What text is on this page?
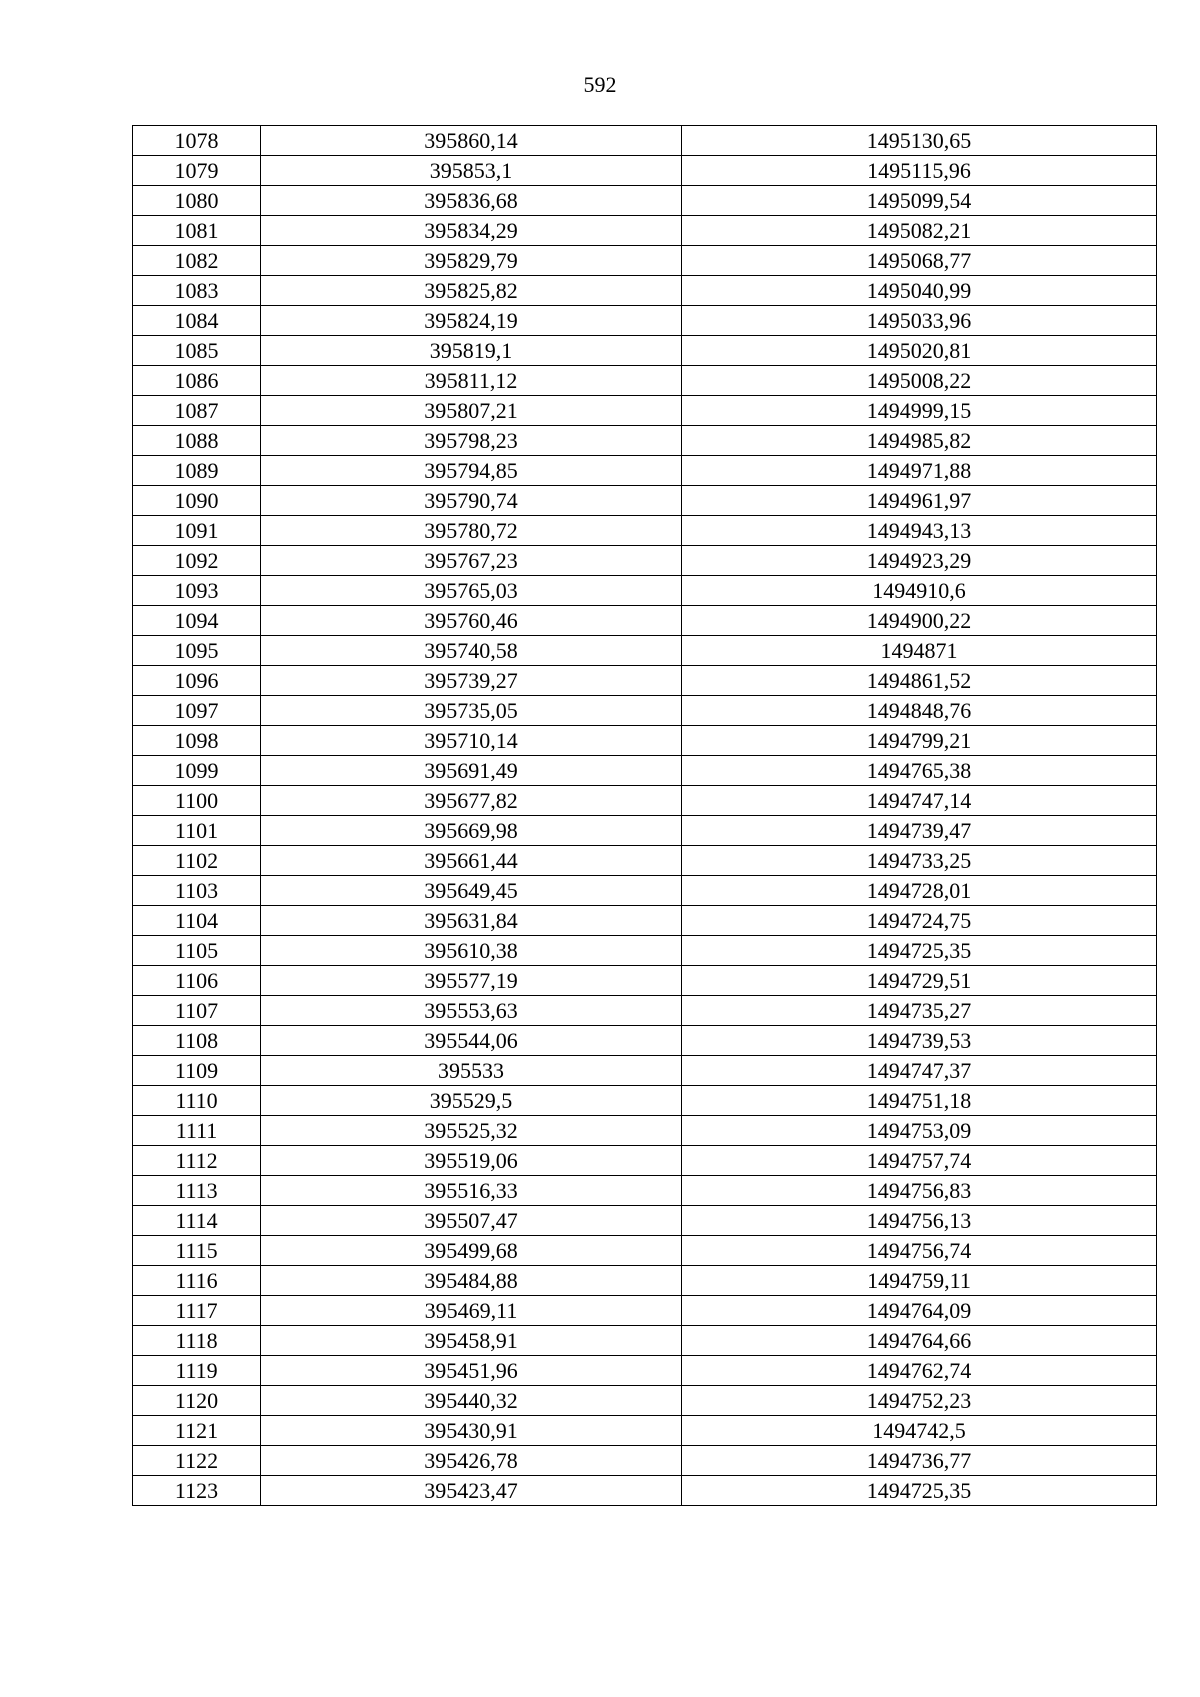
592
1078	395860,14	1495130,65
1079	395853,1	1495115,96
1080	395836,68	1495099,54
1081	395834,29	1495082,21
1082	395829,79	1495068,77
1083	395825,82	1495040,99
1084	395824,19	1495033,96
1085	395819,1	1495020,81
1086	395811,12	1495008,22
1087	395807,21	1494999,15
1088	395798,23	1494985,82
1089	395794,85	1494971,88
1090	395790,74	1494961,97
1091	395780,72	1494943,13
1092	395767,23	1494923,29
1093	395765,03	1494910,6
1094	395760,46	1494900,22
1095	395740,58	1494871
1096	395739,27	1494861,52
1097	395735,05	1494848,76
1098	395710,14	1494799,21
1099	395691,49	1494765,38
1100	395677,82	1494747,14
1101	395669,98	1494739,47
1102	395661,44	1494733,25
1103	395649,45	1494728,01
1104	395631,84	1494724,75
1105	395610,38	1494725,35
1106	395577,19	1494729,51
1107	395553,63	1494735,27
1108	395544,06	1494739,53
1109	395533	1494747,37
1110	395529,5	1494751,18
1111	395525,32	1494753,09
1112	395519,06	1494757,74
1113	395516,33	1494756,83
1114	395507,47	1494756,13
1115	395499,68	1494756,74
1116	395484,88	1494759,11
1117	395469,11	1494764,09
1118	395458,91	1494764,66
1119	395451,96	1494762,74
1120	395440,32	1494752,23
1121	395430,91	1494742,5
1122	395426,78	1494736,77
1123	395423,47	1494725,35
